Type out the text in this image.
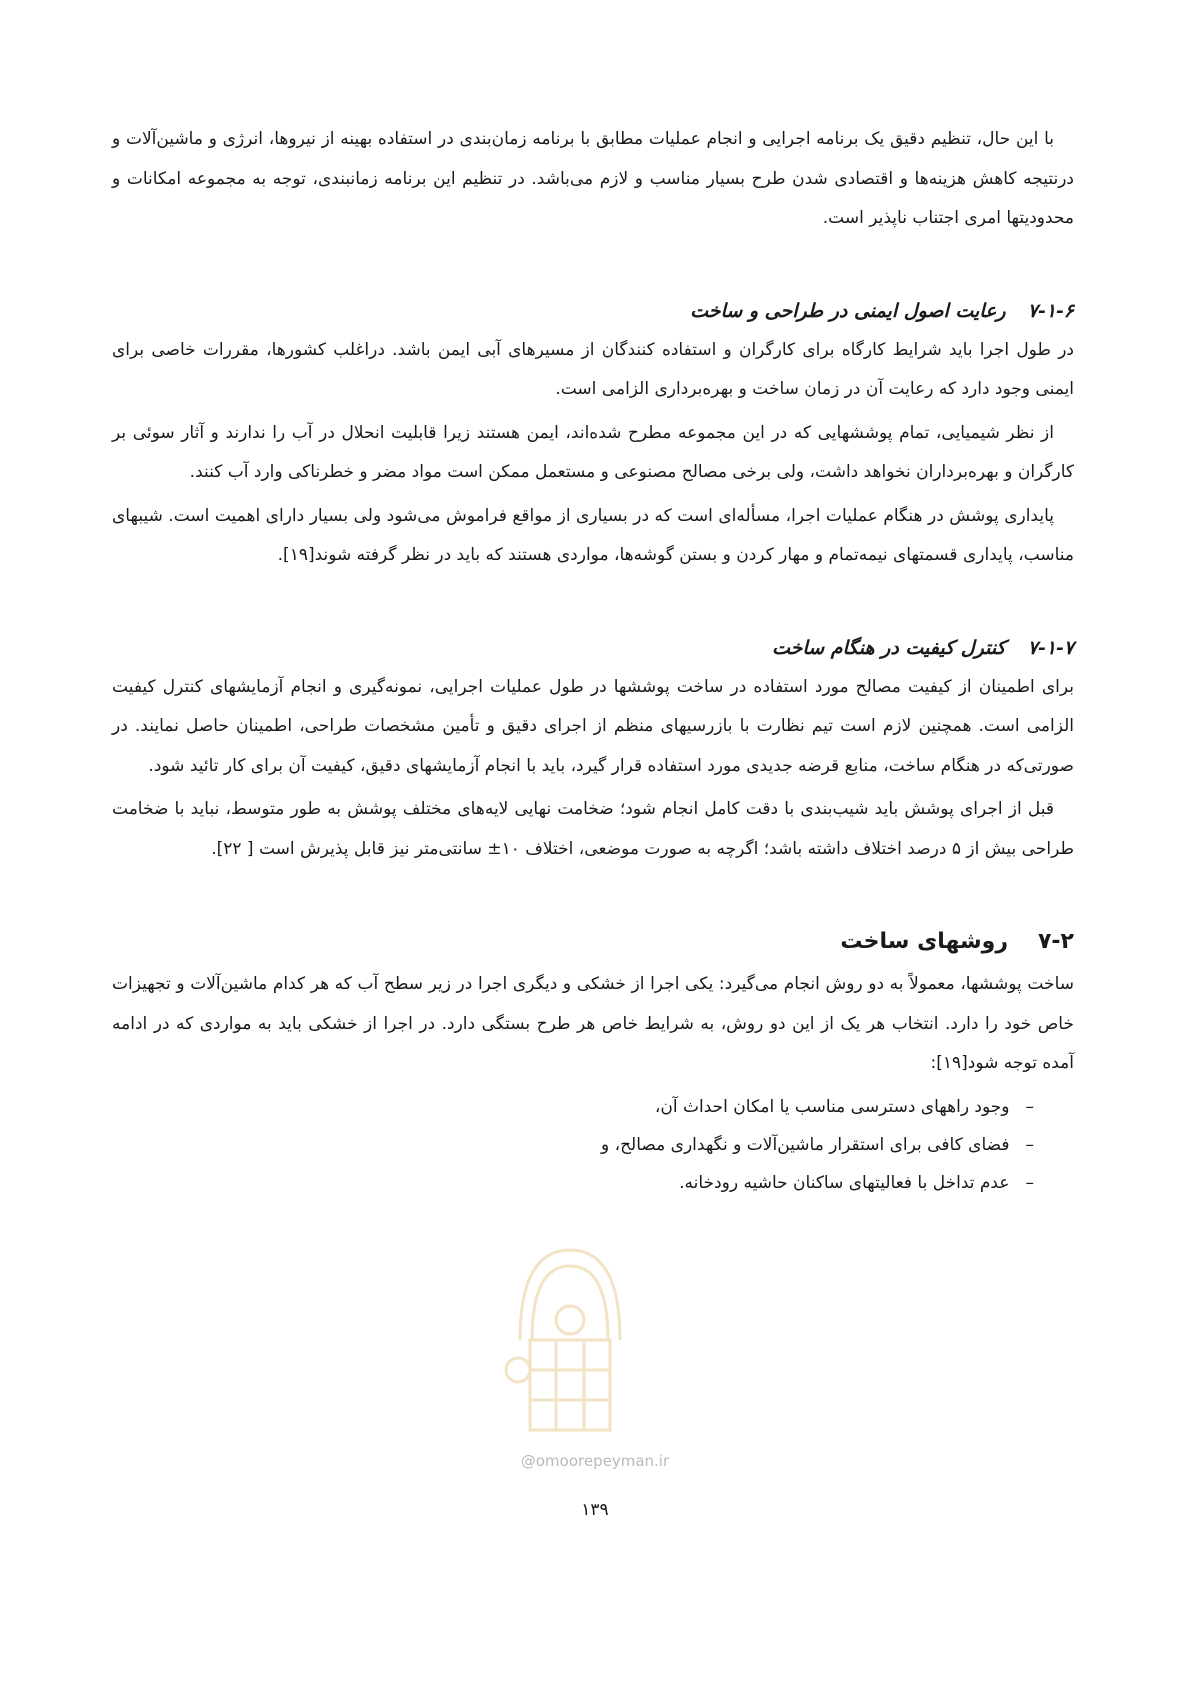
با این حال، تنظیم دقیق یک برنامه اجرایی و انجام عملیات مطابق با برنامه زمان‌بندی در استفاده بهینه از نیروها، انرژی و ماشین‌آلات و درنتیجه کاهش هزینه‌ها و اقتصادی شدن طرح بسیار مناسب و لازم می‌باشد. در تنظیم این برنامه زمانبندی، توجه به مجموعه امکانات و محدودیتها امری اجتناب ناپذیر است.

۷-۱-۶رعایت اصول ایمنی در طراحی و ساخت

در طول اجرا باید شرایط کارگاه برای کارگران و استفاده کنندگان از مسیرهای آبی ایمن باشد. دراغلب کشورها، مقررات خاصی برای ایمنی وجود دارد که رعایت آن در زمان ساخت و بهره‌برداری الزامی است.

از نظر شیمیایی، تمام پوششهایی که در این مجموعه مطرح شده‌اند، ایمن هستند زیرا قابلیت انحلال در آب را ندارند و آثار سوئی بر کارگران و بهره‌برداران نخواهد داشت، ولی برخی مصالح مصنوعی و مستعمل ممکن است مواد مضر و خطرناکی وارد آب کنند.

پایداری پوشش در هنگام عملیات اجرا، مسأله‌ای است که در بسیاری از مواقع فراموش می‌شود ولی بسیار دارای اهمیت است. شیبهای مناسب، پایداری قسمتهای نیمه‌تمام و مهار کردن و بستن گوشه‌ها، مواردی هستند که باید در نظر گرفته شوند[۱۹].

۷-۱-۷کنترل کیفیت در هنگام ساخت

برای اطمینان از کیفیت مصالح مورد استفاده در ساخت پوششها در طول عملیات اجرایی، نمونه‌گیری و انجام آزمایشهای کنترل کیفیت الزامی است. همچنین لازم است تیم نظارت با بازرسیهای منظم از اجرای دقیق و تأمین مشخصات طراحی، اطمینان حاصل نمایند. در صورتی‌که در هنگام ساخت، منابع قرضه جدیدی مورد استفاده قرار گیرد، باید با انجام آزمایشهای دقیق، کیفیت آن برای کار تائید شود.

قبل از اجرای پوشش باید شیب‌بندی با دقت کامل انجام شود؛ ضخامت نهایی لایه‌های مختلف پوشش به طور متوسط، نباید با ضخامت طراحی بیش از ۵ درصد اختلاف داشته باشد؛ اگرچه به صورت موضعی، اختلاف ۱۰± سانتی‌متر نیز قابل پذیرش است [ ۲۲].

۷-۲روشهای ساخت

ساخت پوششها، معمولاً به دو روش انجام می‌گیرد: یکی اجرا از خشکی و دیگری اجرا در زیر سطح آب که هر کدام ماشین‌آلات و تجهیزات خاص خود را دارد. انتخاب هر یک از این دو روش، به شرایط خاص هر طرح بستگی دارد. در اجرا از خشکی باید به مواردی که در ادامه آمده توجه شود[۱۹]:

–وجود راههای دسترسی مناسب یا امکان احداث آن،
–فضای کافی برای استقرار ماشین‌آلات و نگهداری مصالح، و
–عدم تداخل با فعالیتهای ساکنان حاشیه رودخانه.
@omoorepeyman.ir
۱۳۹
